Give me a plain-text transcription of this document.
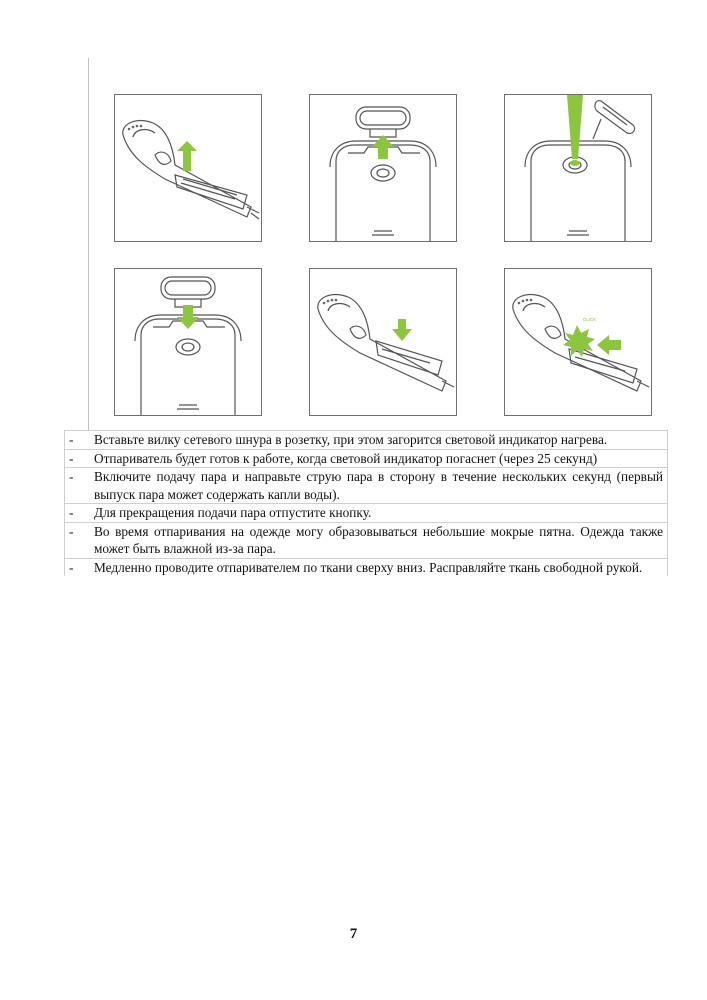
CLICK
-	Вставьте вилку сетевого шнура в розетку, при этом загорится световой индикатор нагрева.
-	Отпариватель будет готов к работе, когда световой индикатор погаснет (через 25 секунд)
-	Включите подачу пара и направьте струю пара в сторону в течение нескольких секунд (первый выпуск пара может содержать капли воды).
-	Для прекращения подачи пара отпустите кнопку.
-	Во время отпаривания на одежде могу образовываться небольшие мокрые пятна. Одежда также может быть влажной из-за пара.
-	Медленно проводите отпаривателем по ткани сверху вниз. Расправляйте ткань свободной рукой.
7
